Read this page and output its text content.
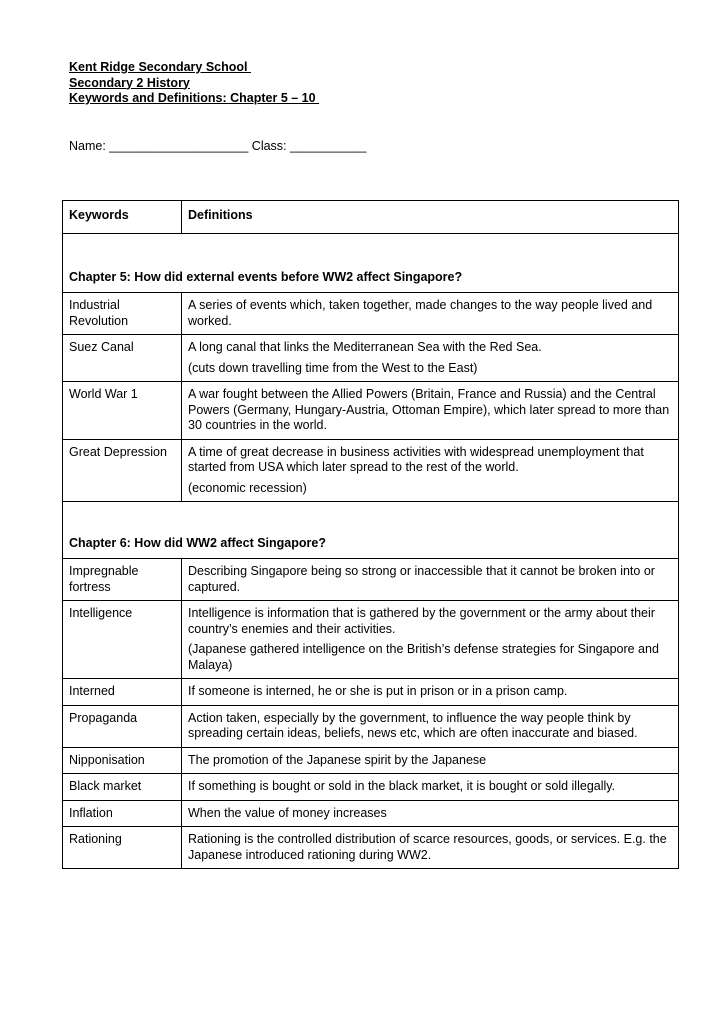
Kent Ridge Secondary School
Secondary 2 History
Keywords and Definitions: Chapter 5 – 10
Name: ____________________ Class: ___________
Keywords	Definitions
Chapter 5: How did external events before WW2 affect Singapore?	
Industrial Revolution	A series of events which, taken together, made changes to the way people lived and worked.

Suez Canal	A long canal that links the Mediterranean Sea with the Red Sea.
(cuts down travelling time from the West to the East)

World War 1	A war fought between the Allied Powers (Britain, France and Russia) and the Central Powers (Germany, Hungary-Austria, Ottoman Empire), which later spread to more than 30 countries in the world.

Great Depression	A time of great decrease in business activities with widespread unemployment that started from USA which later spread to the rest of the world.
(economic recession)

Chapter 6: How did WW2 affect Singapore?	
Impregnable fortress	Describing Singapore being so strong or inaccessible that it cannot be broken into or captured.

Intelligence	Intelligence is information that is gathered by the government or the army about their country’s enemies and their activities.
(Japanese gathered intelligence on the British’s defense strategies for Singapore and Malaya)

Interned	If someone is interned, he or she is put in prison or in a prison camp.

Propaganda	Action taken, especially by the government, to influence the way people think by spreading certain ideas, beliefs, news etc, which are often inaccurate and biased.

Nipponisation	The promotion of the Japanese spirit by the Japanese

Black market	If something is bought or sold in the black market, it is bought or sold illegally.

Inflation	When the value of money increases

Rationing	Rationing is the controlled distribution of scarce resources, goods, or services. E.g. the Japanese introduced rationing during WW2.
